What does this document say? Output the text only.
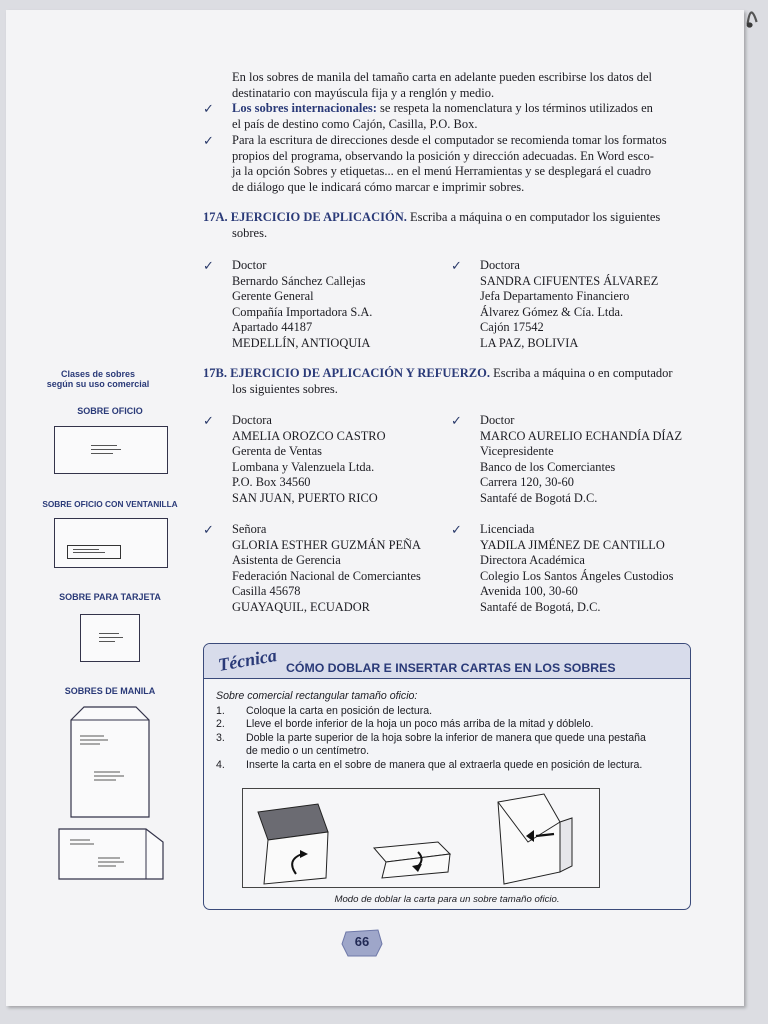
En los sobres de manila del tamaño carta en adelante pueden escribirse los datos del
destinatario con mayúscula fija y a renglón y medio.
✓ Los sobres internacionales: se respeta la nomenclatura y los términos utilizados en
el país de destino como Cajón, Casilla, P.O. Box.
✓ Para la escritura de direcciones desde el computador se recomienda tomar los formatos
propios del programa, observando la posición y dirección adecuadas. En Word esco-
ja la opción Sobres y etiquetas... en el menú Herramientas y se desplegará el cuadro
de diálogo que le indicará cómo marcar e imprimir sobres.
17A. EJERCICIO DE APLICACIÓN. Escriba a máquina o en computador los siguientes
sobres.
✓ Doctor
Bernardo Sánchez Callejas
Gerente General
Compañía Importadora S.A.
Apartado 44187
MEDELLÍN, ANTIOQUIA
✓ Doctora
SANDRA CIFUENTES ÁLVAREZ
Jefa Departamento Financiero
Álvarez Gómez & Cía. Ltda.
Cajón 17542
LA PAZ, BOLIVIA
17B. EJERCICIO DE APLICACIÓN Y REFUERZO. Escriba a máquina o en computador
los siguientes sobres.
✓ Doctora
AMELIA OROZCO CASTRO
Gerenta de Ventas
Lombana y Valenzuela Ltda.
P.O. Box 34560
SAN JUAN, PUERTO RICO
✓ Doctor
MARCO AURELIO ECHANDÍA DÍAZ
Vicepresidente
Banco de los Comerciantes
Carrera 120, 30-60
Santafé de Bogotá D.C.
✓ Señora
GLORIA ESTHER GUZMÁN PEÑA
Asistenta de Gerencia
Federación Nacional de Comerciantes
Casilla 45678
GUAYAQUIL, ECUADOR
✓ Licenciada
YADILA JIMÉNEZ DE CANTILLO
Directora Académica
Colegio Los Santos Ángeles Custodios
Avenida 100, 30-60
Santafé de Bogotá, D.C.
Clases de sobres
según su uso comercial
SOBRE OFICIO
SOBRE OFICIO CON VENTANILLA
SOBRE PARA TARJETA
SOBRES DE MANILA
Técnica CÓMO DOBLAR E INSERTAR CARTAS EN LOS SOBRES
Sobre comercial rectangular tamaño oficio:
1. Coloque la carta en posición de lectura.
2. Lleve el borde inferior de la hoja un poco más arriba de la mitad y dóblelo.
3. Doble la parte superior de la hoja sobre la inferior de manera que quede una pestaña
de medio o un centímetro.
4. Inserte la carta en el sobre de manera que al extraerla quede en posición de lectura.
Modo de doblar la carta para un sobre tamaño oficio.
66
